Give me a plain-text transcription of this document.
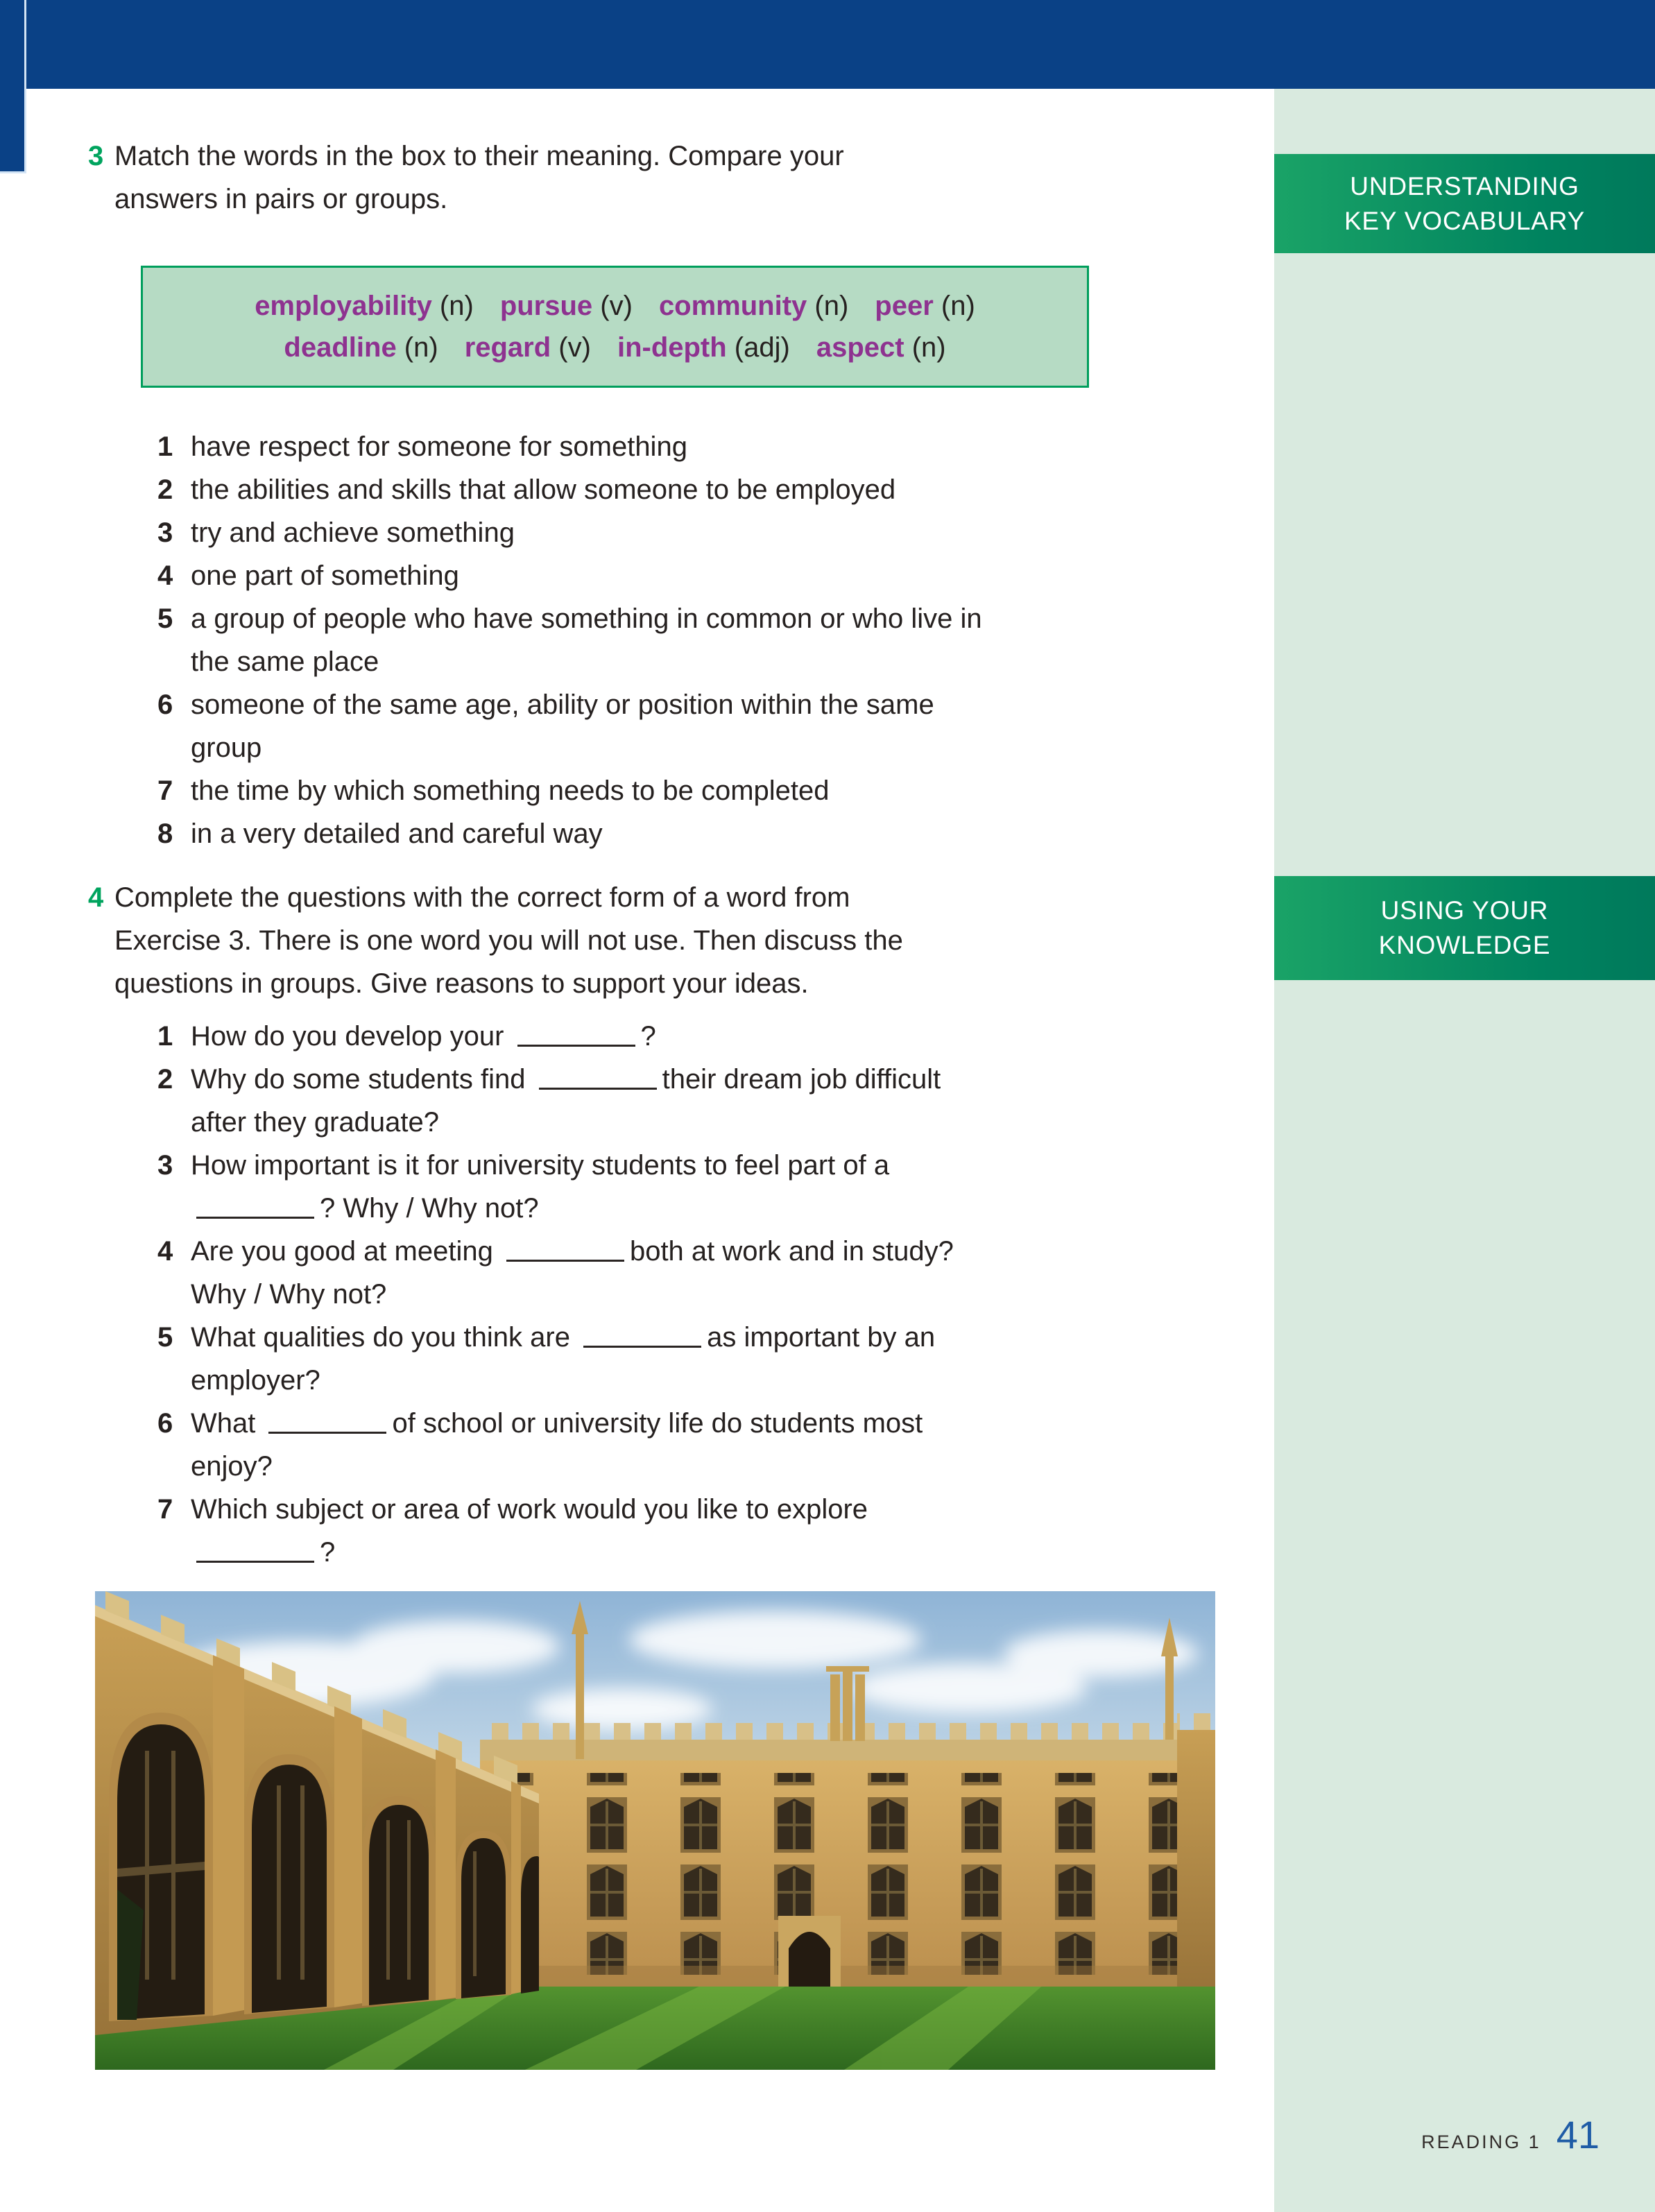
UNDERSTANDING
KEY VOCABULARY
USING YOUR
KNOWLEDGE
3 Match the words in the box to their meaning. Compare your
answers in pairs or groups.
employability (n) pursue (v) community (n) peer (n)
deadline (n) regard (v) in-depth (adj) aspect (n)
1 have respect for someone for something
2 the abilities and skills that allow someone to be employed
3 try and achieve something
4 one part of something
5 a group of people who have something in common or who live in
the same place
6 someone of the same age, ability or position within the same
group
7 the time by which something needs to be completed
8 in a very detailed and careful way
4 Complete the questions with the correct form of a word from
Exercise 3. There is one word you will not use. Then discuss the
questions in groups. Give reasons to support your ideas.
1 How do you develop your	?
2 Why do some students find	their dream job difficult
after they graduate?
3 How important is it for university students to feel part of a
? Why / Why not?
4 Are you good at meeting	both at work and in study?
Why / Why not?
5 What qualities do you think are	as important by an
employer?
6 What	of school or university life do students most
enjoy?
7 Which subject or area of work would you like to explore
?
READING 1 41
